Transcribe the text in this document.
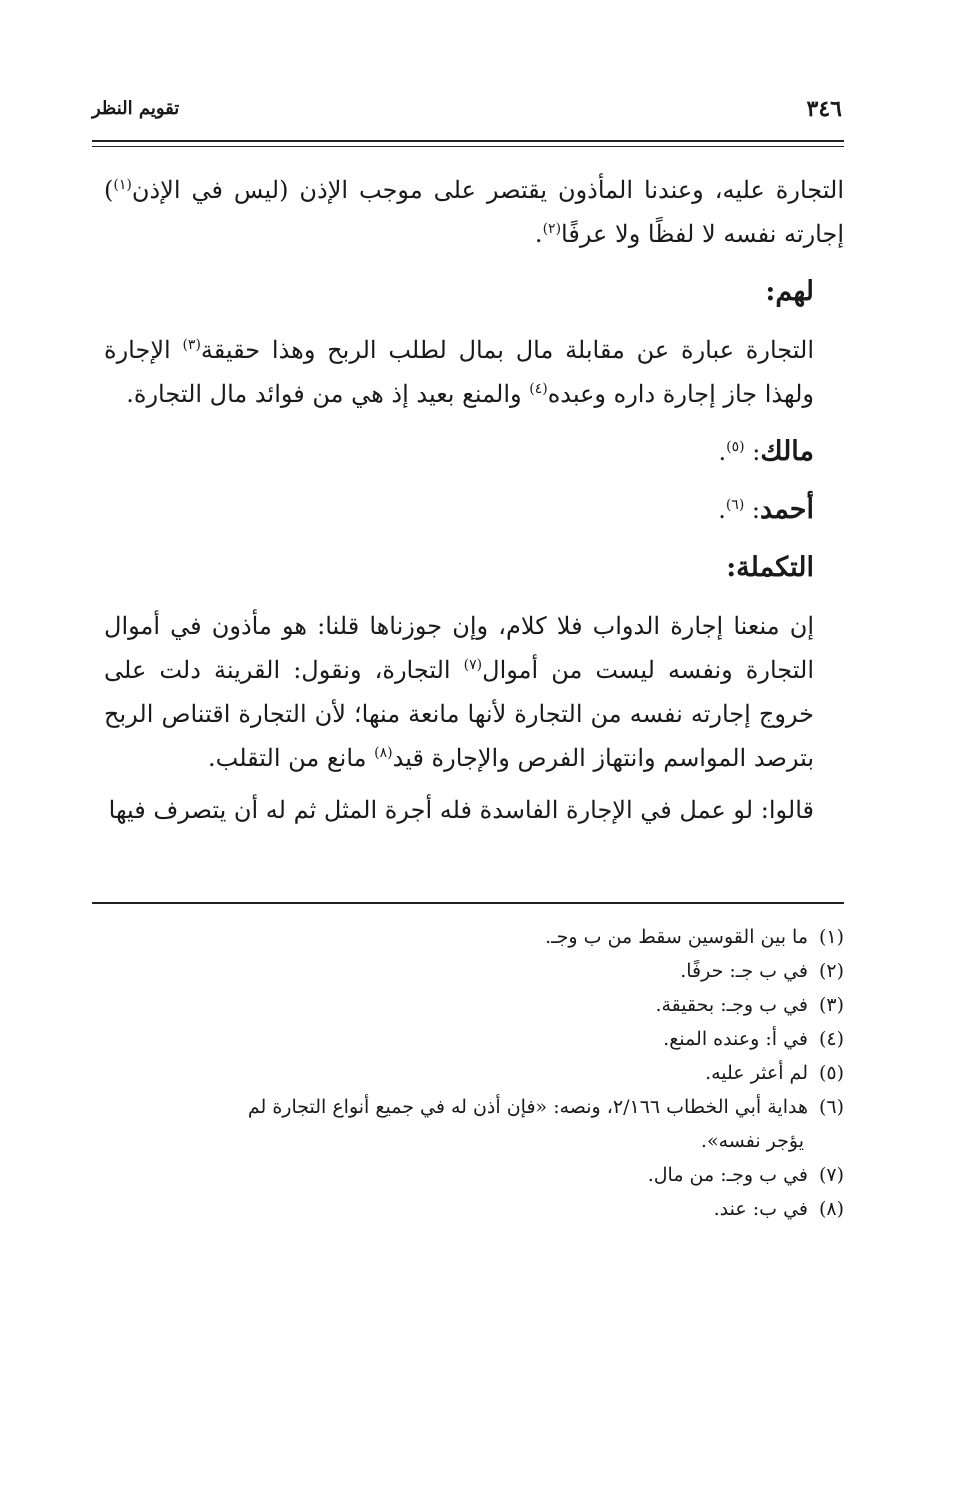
٣٤٦
تقويم النظر

التجارة عليه، وعندنا المأذون يقتصر على موجب الإذن (ليس في الإذن$^{(١)}$) إجارته نفسه لا لفظًا ولا عرفًا$^{(٢)}$.

لهم:

التجارة عبارة عن مقابلة مال بمال لطلب الربح وهذا حقيقة$^{(٣)}$ الإجارة ولهذا جاز إجارة داره وعبده$^{(٤)}$ والمنع بعيد إذ هي من فوائد مال التجارة.

مالك: $^{(٥)}$.

أحمد: $^{(٦)}$.

التكملة:

إن منعنا إجارة الدواب فلا كلام، وإن جوزناها قلنا: هو مأذون في أموال التجارة ونفسه ليست من أموال$^{(٧)}$ التجارة، ونقول: القرينة دلت على خروج إجارته نفسه من التجارة لأنها مانعة منها؛ لأن التجارة اقتناص الربح بترصد المواسم وانتهاز الفرص والإجارة قيد$^{(٨)}$ مانع من التقلب.

قالوا: لو عمل في الإجارة الفاسدة فله أجرة المثل ثم له أن يتصرف فيها

(١)ما بين القوسين سقط من ب وجـ.

(٢)في ب جـ: حرفًا.

(٣)في ب وجـ: بحقيقة.

(٤)في أ: وعنده المنع.

(٥)لم أعثر عليه.

(٦)هداية أبي الخطاب ٢/١٦٦، ونصه: «فإن أذن له في جميع أنواع التجارة لم

يؤجر نفسه».

(٧)في ب وجـ: من مال.

(٨)في ب: عند.
